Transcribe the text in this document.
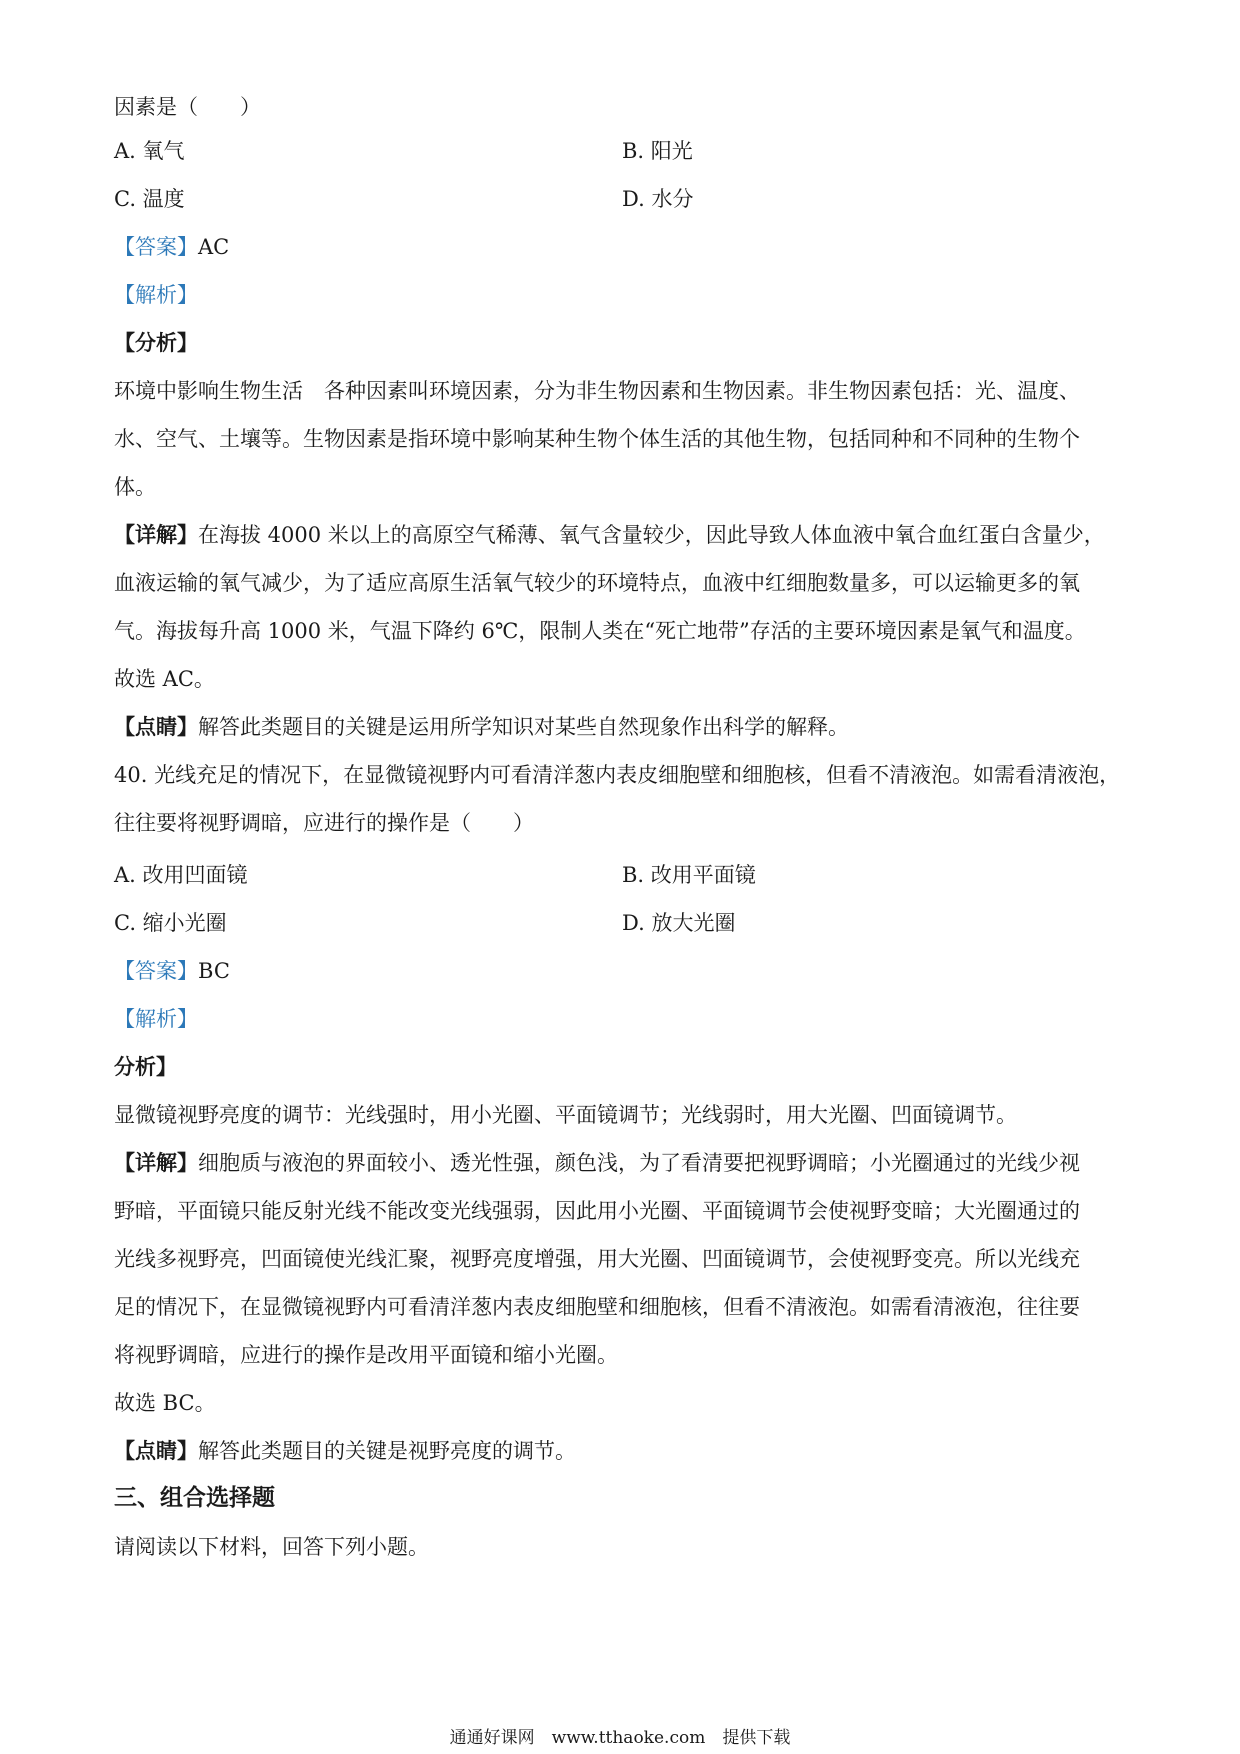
因素是（　　）
A. 氧气	B. 阳光
C. 温度	D. 水分
【答案】AC
【解析】
【分析】
环境中影响生物生活　各种因素叫环境因素，分为非生物因素和生物因素。非生物因素包括：光、温度、
水、空气、土壤等。生物因素是指环境中影响某种生物个体生活的其他生物，包括同种和不同种的生物个
体。
【详解】在海拔 4000 米以上的高原空气稀薄、氧气含量较少，因此导致人体血液中氧合血红蛋白含量少，
血液运输的氧气减少，为了适应高原生活氧气较少的环境特点，血液中红细胞数量多，可以运输更多的氧
气。海拔每升高 1000 米，气温下降约 6℃，限制人类在“死亡地带”存活的主要环境因素是氧气和温度。
故选 AC。
【点睛】解答此类题目的关键是运用所学知识对某些自然现象作出科学的解释。
40. 光线充足的情况下，在显微镜视野内可看清洋葱内表皮细胞壁和细胞核，但看不清液泡。如需看清液泡，
往往要将视野调暗，应进行的操作是（　　）
A. 改用凹面镜	B. 改用平面镜
C. 缩小光圈	D. 放大光圈
【答案】BC
【解析】
分析】
显微镜视野亮度的调节：光线强时，用小光圈、平面镜调节；光线弱时，用大光圈、凹面镜调节。
【详解】细胞质与液泡的界面较小、透光性强，颜色浅，为了看清要把视野调暗；小光圈通过的光线少视
野暗，平面镜只能反射光线不能改变光线强弱，因此用小光圈、平面镜调节会使视野变暗；大光圈通过的
光线多视野亮，凹面镜使光线汇聚，视野亮度增强，用大光圈、凹面镜调节，会使视野变亮。所以光线充
足的情况下，在显微镜视野内可看清洋葱内表皮细胞壁和细胞核，但看不清液泡。如需看清液泡，往往要
将视野调暗，应进行的操作是改用平面镜和缩小光圈。
故选 BC。
【点睛】解答此类题目的关键是视野亮度的调节。
三、组合选择题
请阅读以下材料，回答下列小题。
通通好课网　www.tthaoke.com　提供下载
